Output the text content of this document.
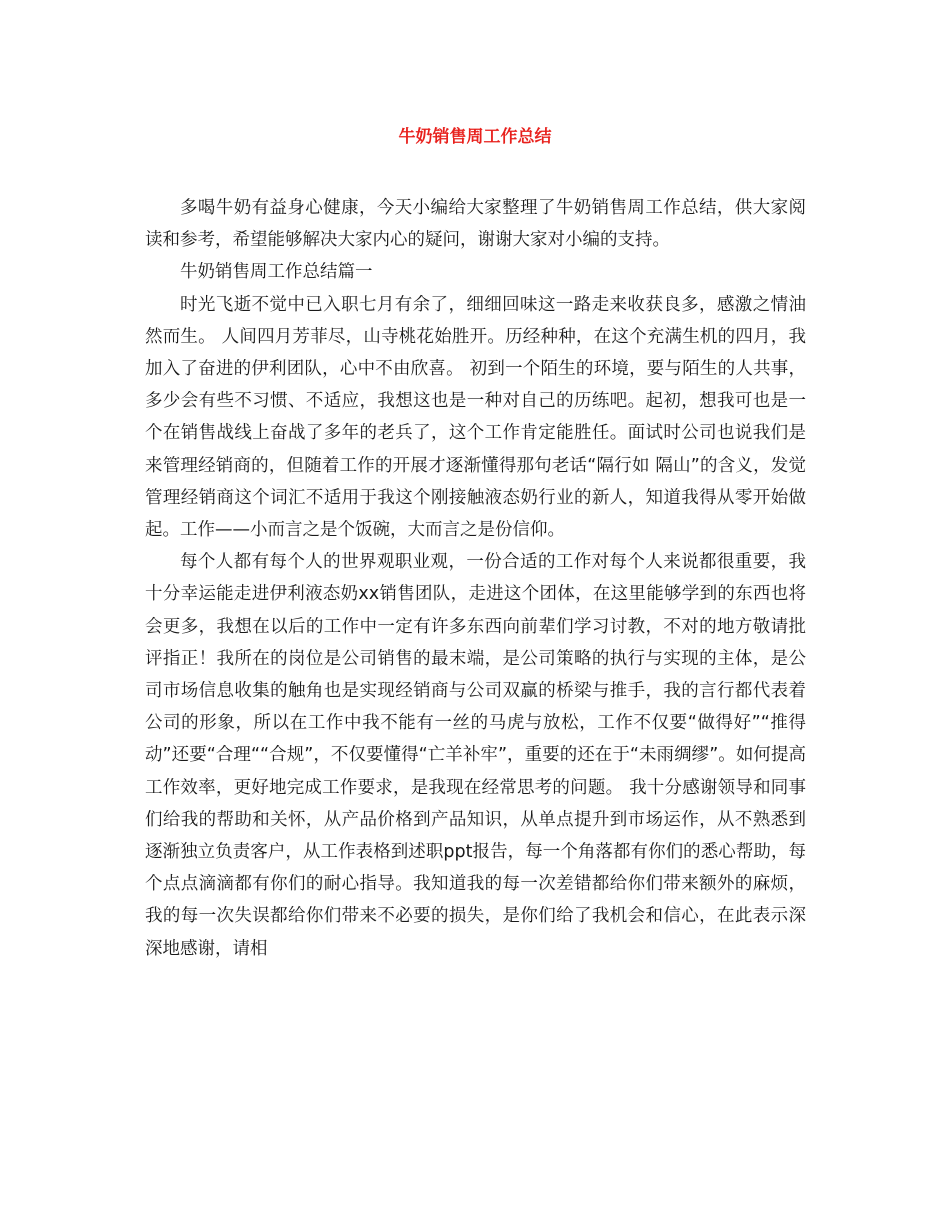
牛奶销售周工作总结

多喝牛奶有益身心健康，今天小编给大家整理了牛奶销售周工作总结，供大家阅读和参考，希望能够解决大家内心的疑问，谢谢大家对小编的支持。

牛奶销售周工作总结篇一

时光飞逝不觉中已入职七月有余了，细细回味这一路走来收获良多，感激之情油然而生。 人间四月芳菲尽，山寺桃花始胜开。历经种种，在这个充满生机的四月，我加入了奋进的伊利团队，心中不由欣喜。 初到一个陌生的环境，要与陌生的人共事，多少会有些不习惯、不适应，我想这也是一种对自己的历练吧。起初，想我可也是一个在销售战线上奋战了多年的老兵了，这个工作肯定能胜任。面试时公司也说我们是来管理经销商的，但随着工作的开展才逐渐懂得那句老话“隔行如 隔山”的含义，发觉管理经销商这个词汇不适用于我这个刚接触液态奶行业的新人，知道我得从零开始做起。工作——小而言之是个饭碗，大而言之是份信仰。

每个人都有每个人的世界观职业观，一份合适的工作对每个人来说都很重要，我十分幸运能走进伊利液态奶xx销售团队，走进这个团体，在这里能够学到的东西也将会更多，我想在以后的工作中一定有许多东西向前辈们学习讨教，不对的地方敬请批评指正！我所在的岗位是公司销售的最末端，是公司策略的执行与实现的主体，是公司市场信息收集的触角也是实现经销商与公司双赢的桥梁与推手，我的言行都代表着公司的形象，所以在工作中我不能有一丝的马虎与放松，工作不仅要“做得好”“推得动”还要“合理““合规”，不仅要懂得“亡羊补牢”，重要的还在于“未雨绸缪”。如何提高工作效率，更好地完成工作要求，是我现在经常思考的问题。 我十分感谢领导和同事们给我的帮助和关怀，从产品价格到产品知识，从单点提升到市场运作，从不熟悉到逐渐独立负责客户，从工作表格到述职ppt报告，每一个角落都有你们的悉心帮助，每个点点滴滴都有你们的耐心指导。我知道我的每一次差错都给你们带来额外的麻烦，我的每一次失误都给你们带来不必要的损失，是你们给了我机会和信心，在此表示深深地感谢，请相
